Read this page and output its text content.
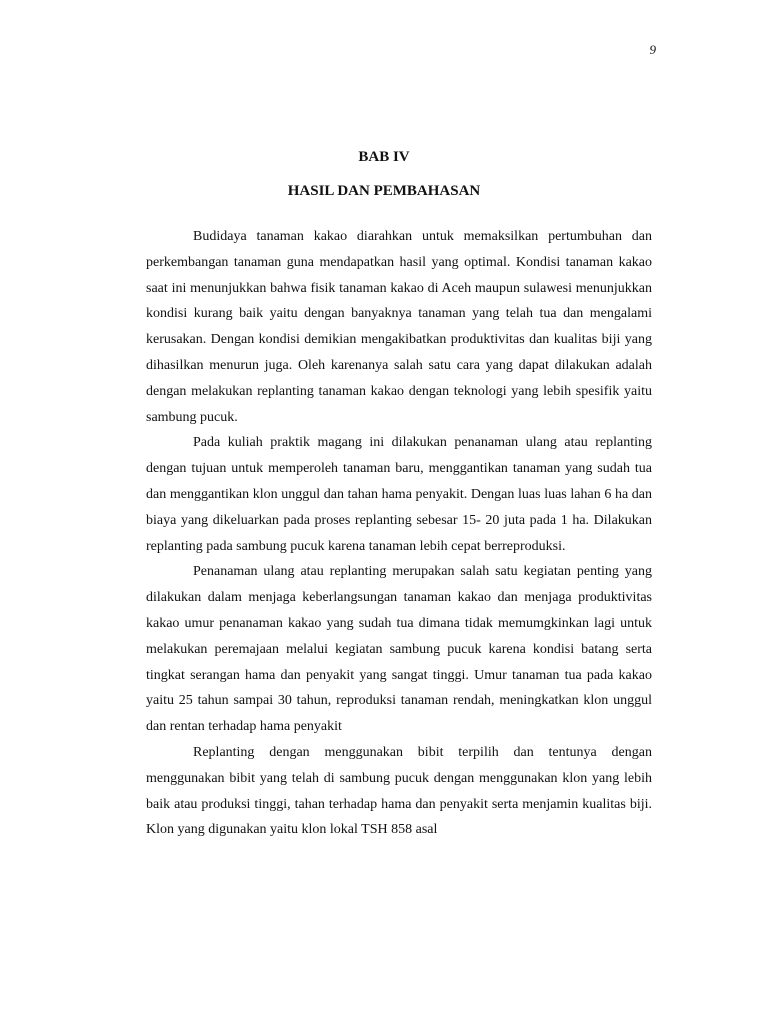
9
BAB IV
HASIL DAN PEMBAHASAN

Budidaya tanaman kakao diarahkan untuk memaksilkan pertumbuhan dan perkembangan tanaman guna mendapatkan hasil yang optimal. Kondisi tanaman kakao saat ini menunjukkan bahwa fisik tanaman kakao di Aceh maupun sulawesi menunjukkan kondisi kurang baik yaitu dengan banyaknya tanaman yang telah tua dan mengalami kerusakan. Dengan kondisi demikian mengakibatkan produktivitas dan kualitas biji yang dihasilkan menurun juga. Oleh karenanya salah satu cara yang dapat dilakukan adalah dengan melakukan replanting tanaman kakao dengan teknologi yang lebih spesifik yaitu sambung pucuk.

Pada kuliah praktik magang ini dilakukan penanaman ulang atau replanting dengan tujuan untuk memperoleh tanaman baru, menggantikan tanaman yang sudah tua dan menggantikan klon unggul dan tahan hama penyakit. Dengan luas luas lahan 6 ha dan biaya yang dikeluarkan pada proses replanting sebesar 15- 20 juta pada 1 ha. Dilakukan replanting pada sambung pucuk karena tanaman lebih cepat berreproduksi.

Penanaman ulang atau replanting merupakan salah satu kegiatan penting yang dilakukan dalam menjaga keberlangsungan tanaman kakao dan menjaga produktivitas kakao umur penanaman kakao yang sudah tua dimana tidak memumgkinkan lagi untuk melakukan peremajaan melalui kegiatan sambung pucuk karena kondisi batang serta tingkat serangan hama dan penyakit yang sangat tinggi. Umur tanaman tua pada kakao yaitu 25 tahun sampai 30 tahun, reproduksi tanaman rendah, meningkatkan klon unggul dan rentan terhadap hama penyakit

Replanting dengan menggunakan bibit terpilih dan tentunya dengan menggunakan bibit yang telah di sambung pucuk dengan menggunakan klon yang lebih baik atau produksi tinggi, tahan terhadap hama dan penyakit serta menjamin kualitas biji. Klon yang digunakan yaitu klon lokal TSH 858 asal
